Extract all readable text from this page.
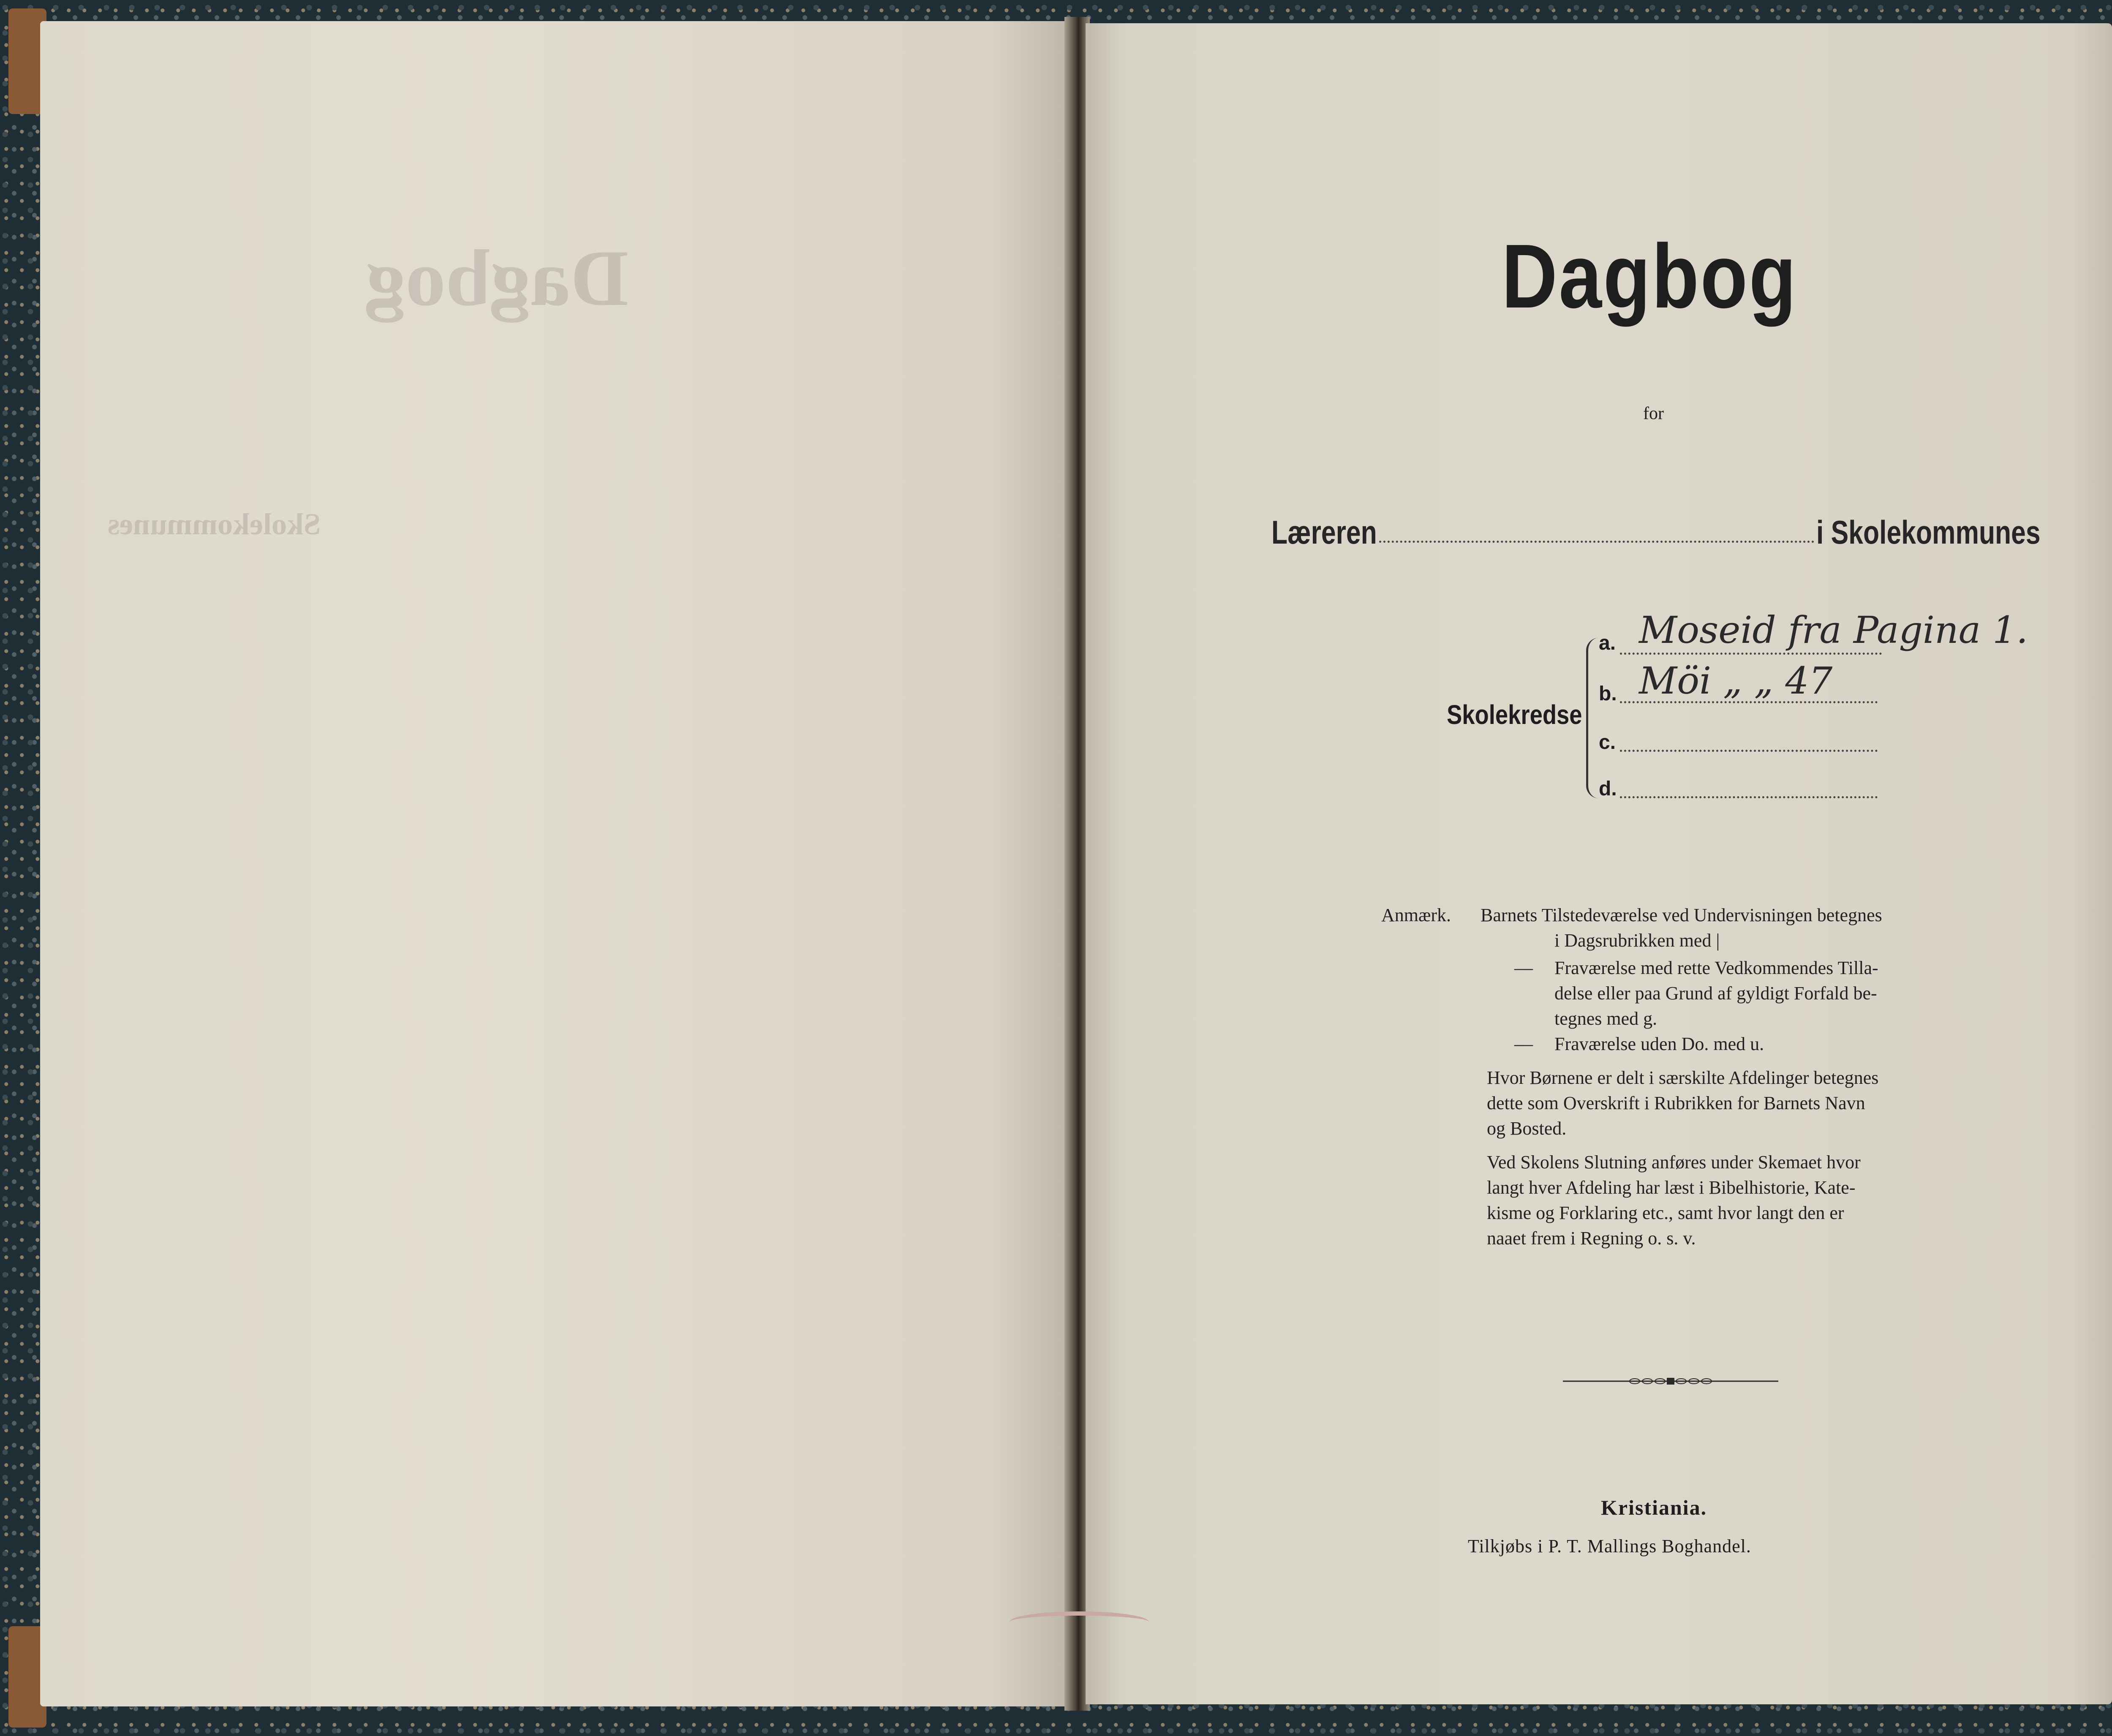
Dagbog
Skolekommunes
Dagbog
for
Læreren	i Skolekommunes
Skolekredse
a. Moseid fra Pagina 1.
b. Möi „ „ 47
c.
d.
Anmærk. Barnets Tilstedeværelse ved Undervisningen betegnes
i Dagsrubrikken med |
— Fraværelse med rette Vedkommendes Tilla-
delse eller paa Grund af gyldigt Forfald be-
tegnes med g.
— Fraværelse uden Do. med u.
Hvor Børnene er delt i særskilte Afdelinger betegnes
dette som Overskrift i Rubrikken for Barnets Navn
og Bosted.
Ved Skolens Slutning anføres under Skemaet hvor
langt hver Afdeling har læst i Bibelhistorie, Kate-
kisme og Forklaring etc., samt hvor langt den er
naaet frem i Regning o. s. v.
Kristiania.
Tilkjøbs i P. T. Mallings Boghandel.
